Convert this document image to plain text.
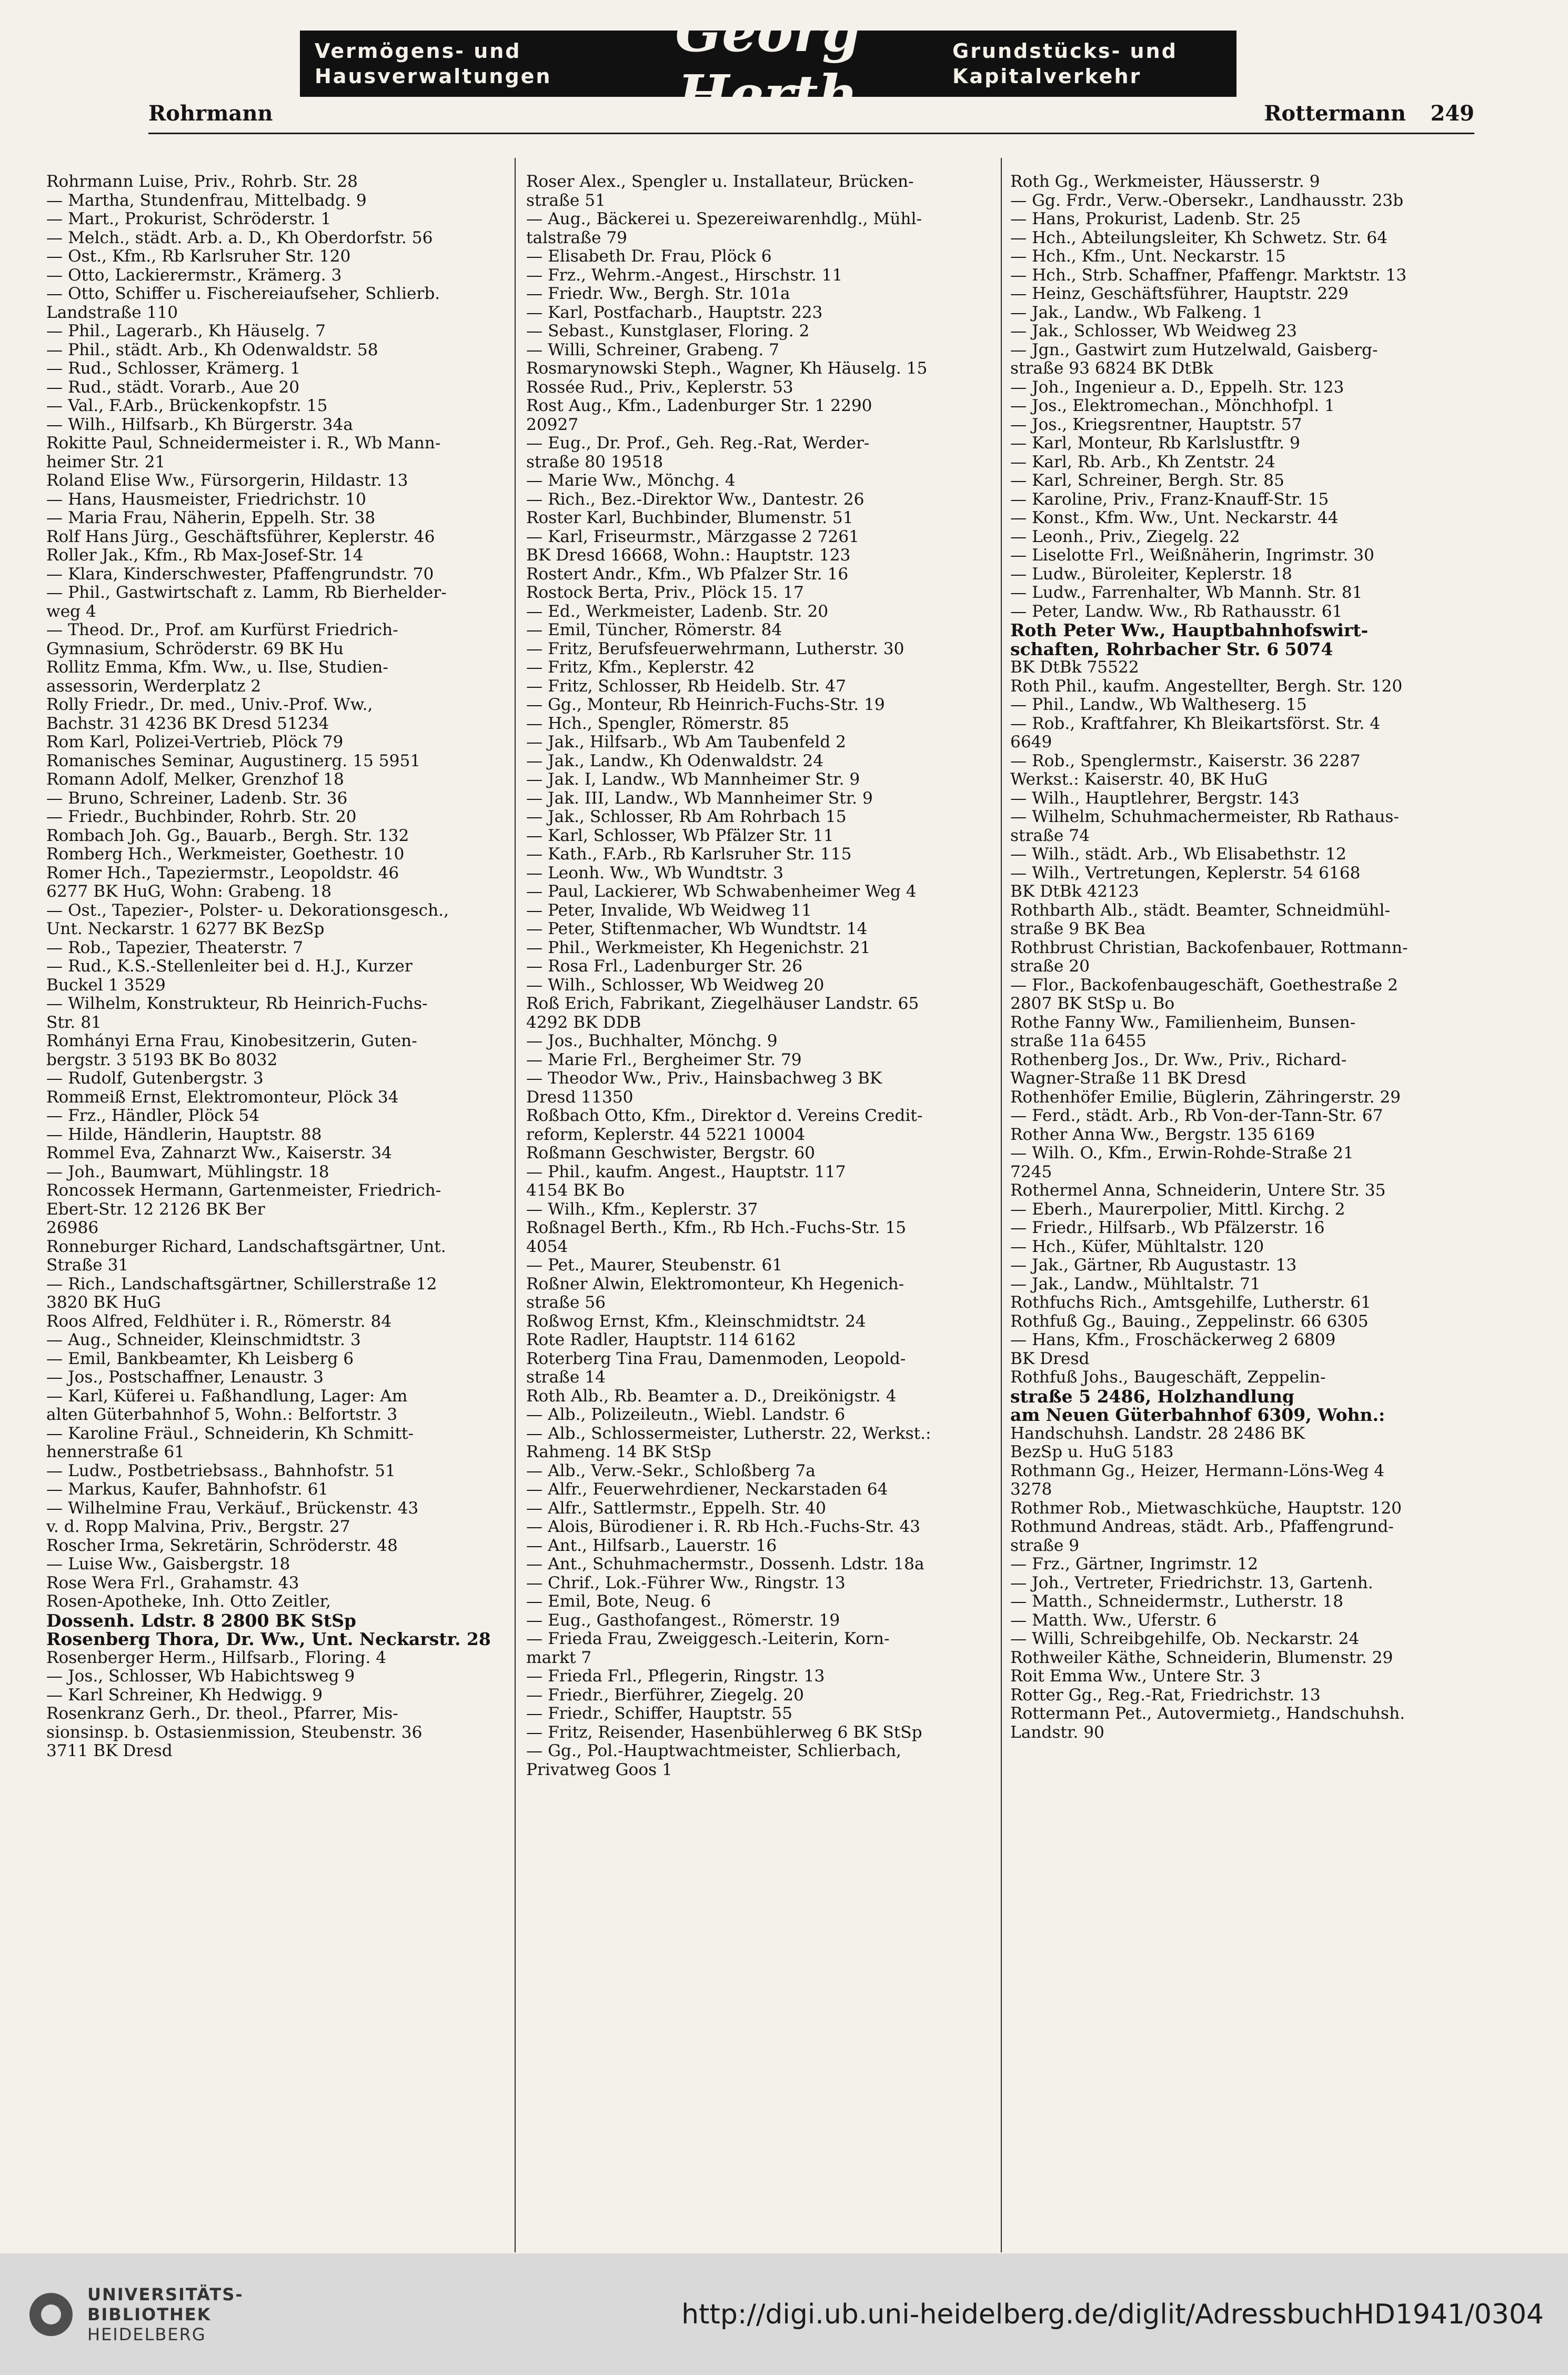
Vermögens- und
Hausverwaltungen
Georg Herth
Grundstücks- und
Kapitalverkehr
Rohrmann	Rottermann 249
Rohrmann Luise, Priv., Rohrb. Str. 28
— Martha, Stundenfrau, Mittelbadg. 9
— Mart., Prokurist, Schröderstr. 1
— Melch., städt. Arb. a. D., Kh Oberdorfstr. 56
— Ost., Kfm., Rb Karlsruher Str. 120
— Otto, Lackierermstr., Krämerg. 3
— Otto, Schiffer u. Fischereiaufseher, Schlierb.
Landstraße 110
— Phil., Lagerarb., Kh Häuselg. 7
— Phil., städt. Arb., Kh Odenwaldstr. 58
— Rud., Schlosser, Krämerg. 1
— Rud., städt. Vorarb., Aue 20
— Val., F.Arb., Brückenkopfstr. 15
— Wilh., Hilfsarb., Kh Bürgerstr. 34a
Rokitte Paul, Schneidermeister i. R., Wb Mann-
heimer Str. 21
Roland Elise Ww., Fürsorgerin, Hildastr. 13
— Hans, Hausmeister, Friedrichstr. 10
— Maria Frau, Näherin, Eppelh. Str. 38
Rolf Hans Jürg., Geschäftsführer, Keplerstr. 46
Roller Jak., Kfm., Rb Max-Josef-Str. 14
— Klara, Kinderschwester, Pfaffengrundstr. 70
— Phil., Gastwirtschaft z. Lamm, Rb Bierhelder-
weg 4
— Theod. Dr., Prof. am Kurfürst Friedrich-
Gymnasium, Schröderstr. 69 BK Hu
Rollitz Emma, Kfm. Ww., u. Ilse, Studien-
assessorin, Werderplatz 2
Rolly Friedr., Dr. med., Univ.-Prof. Ww.,
Bachstr. 31 4236 BK Dresd 51234
Rom Karl, Polizei-Vertrieb, Plöck 79
Romanisches Seminar, Augustinerg. 15 5951
Romann Adolf, Melker, Grenzhof 18
— Bruno, Schreiner, Ladenb. Str. 36
— Friedr., Buchbinder, Rohrb. Str. 20
Rombach Joh. Gg., Bauarb., Bergh. Str. 132
Romberg Hch., Werkmeister, Goethestr. 10
Romer Hch., Tapeziermstr., Leopoldstr. 46
6277 BK HuG, Wohn: Grabeng. 18
— Ost., Tapezier-, Polster- u. Dekorationsgesch.,
Unt. Neckarstr. 1 6277 BK BezSp
— Rob., Tapezier, Theaterstr. 7
— Rud., K.S.-Stellenleiter bei d. H.J., Kurzer
Buckel 1 3529
— Wilhelm, Konstrukteur, Rb Heinrich-Fuchs-
Str. 81
Romhányi Erna Frau, Kinobesitzerin, Guten-
bergstr. 3 5193 BK Bo 8032
— Rudolf, Gutenbergstr. 3
Rommeiß Ernst, Elektromonteur, Plöck 34
— Frz., Händler, Plöck 54
— Hilde, Händlerin, Hauptstr. 88
Rommel Eva, Zahnarzt Ww., Kaiserstr. 34
— Joh., Baumwart, Mühlingstr. 18
Roncossek Hermann, Gartenmeister, Friedrich-
Ebert-Str. 12 2126 BK Ber
26986
Ronneburger Richard, Landschaftsgärtner, Unt.
Straße 31
— Rich., Landschaftsgärtner, Schillerstraße 12
3820 BK HuG
Roos Alfred, Feldhüter i. R., Römerstr. 84
— Aug., Schneider, Kleinschmidtstr. 3
— Emil, Bankbeamter, Kh Leisberg 6
— Jos., Postschaffner, Lenaustr. 3
— Karl, Küferei u. Faßhandlung, Lager: Am
alten Güterbahnhof 5, Wohn.: Belfortstr. 3
— Karoline Fräul., Schneiderin, Kh Schmitt-
hennerstraße 61
— Ludw., Postbetriebsass., Bahnhofstr. 51
— Markus, Kaufer, Bahnhofstr. 61
— Wilhelmine Frau, Verkäuf., Brückenstr. 43
v. d. Ropp Malvina, Priv., Bergstr. 27
Roscher Irma, Sekretärin, Schröderstr. 48
— Luise Ww., Gaisbergstr. 18
Rose Wera Frl., Grahamstr. 43
Rosen-Apotheke, Inh. Otto Zeitler,
Dossenh. Ldstr. 8 2800 BK StSp
Rosenberg Thora, Dr. Ww., Unt. Neckarstr. 28
Rosenberger Herm., Hilfsarb., Floring. 4
— Jos., Schlosser, Wb Habichtsweg 9
— Karl Schreiner, Kh Hedwigg. 9
Rosenkranz Gerh., Dr. theol., Pfarrer, Mis-
sionsinsp. b. Ostasienmission, Steubenstr. 36
3711 BK Dresd
Roser Alex., Spengler u. Installateur, Brücken-
straße 51
— Aug., Bäckerei u. Spezereiwarenhdlg., Mühl-
talstraße 79
— Elisabeth Dr. Frau, Plöck 6
— Frz., Wehrm.-Angest., Hirschstr. 11
— Friedr. Ww., Bergh. Str. 101a
— Karl, Postfacharb., Hauptstr. 223
— Sebast., Kunstglaser, Floring. 2
— Willi, Schreiner, Grabeng. 7
Rosmarynowski Steph., Wagner, Kh Häuselg. 15
Rossée Rud., Priv., Keplerstr. 53
Rost Aug., Kfm., Ladenburger Str. 1 2290
20927
— Eug., Dr. Prof., Geh. Reg.-Rat, Werder-
straße 80 19518
— Marie Ww., Mönchg. 4
— Rich., Bez.-Direktor Ww., Dantestr. 26
Roster Karl, Buchbinder, Blumenstr. 51
— Karl, Friseurmstr., Märzgasse 2 7261
BK Dresd 16668, Wohn.: Hauptstr. 123
Rostert Andr., Kfm., Wb Pfalzer Str. 16
Rostock Berta, Priv., Plöck 15. 17
— Ed., Werkmeister, Ladenb. Str. 20
— Emil, Tüncher, Römerstr. 84
— Fritz, Berufsfeuerwehrmann, Lutherstr. 30
— Fritz, Kfm., Keplerstr. 42
— Fritz, Schlosser, Rb Heidelb. Str. 47
— Gg., Monteur, Rb Heinrich-Fuchs-Str. 19
— Hch., Spengler, Römerstr. 85
— Jak., Hilfsarb., Wb Am Taubenfeld 2
— Jak., Landw., Kh Odenwaldstr. 24
— Jak. I, Landw., Wb Mannheimer Str. 9
— Jak. III, Landw., Wb Mannheimer Str. 9
— Jak., Schlosser, Rb Am Rohrbach 15
— Karl, Schlosser, Wb Pfälzer Str. 11
— Kath., F.Arb., Rb Karlsruher Str. 115
— Leonh. Ww., Wb Wundtstr. 3
— Paul, Lackierer, Wb Schwabenheimer Weg 4
— Peter, Invalide, Wb Weidweg 11
— Peter, Stiftenmacher, Wb Wundtstr. 14
— Phil., Werkmeister, Kh Hegenichstr. 21
— Rosa Frl., Ladenburger Str. 26
— Wilh., Schlosser, Wb Weidweg 20
Roß Erich, Fabrikant, Ziegelhäuser Landstr. 65
4292 BK DDB
— Jos., Buchhalter, Mönchg. 9
— Marie Frl., Bergheimer Str. 79
— Theodor Ww., Priv., Hainsbachweg 3 BK
Dresd 11350
Roßbach Otto, Kfm., Direktor d. Vereins Credit-
reform, Keplerstr. 44 5221 10004
Roßmann Geschwister, Bergstr. 60
— Phil., kaufm. Angest., Hauptstr. 117
4154 BK Bo
— Wilh., Kfm., Keplerstr. 37
Roßnagel Berth., Kfm., Rb Hch.-Fuchs-Str. 15
4054
— Pet., Maurer, Steubenstr. 61
Roßner Alwin, Elektromonteur, Kh Hegenich-
straße 56
Roßwog Ernst, Kfm., Kleinschmidtstr. 24
Rote Radler, Hauptstr. 114 6162
Roterberg Tina Frau, Damenmoden, Leopold-
straße 14
Roth Alb., Rb. Beamter a. D., Dreikönigstr. 4
— Alb., Polizeileutn., Wiebl. Landstr. 6
— Alb., Schlossermeister, Lutherstr. 22, Werkst.:
Rahmeng. 14 BK StSp
— Alb., Verw.-Sekr., Schloßberg 7a
— Alfr., Feuerwehrdiener, Neckarstaden 64
— Alfr., Sattlermstr., Eppelh. Str. 40
— Alois, Bürodiener i. R. Rb Hch.-Fuchs-Str. 43
— Ant., Hilfsarb., Lauerstr. 16
— Ant., Schuhmachermstr., Dossenh. Ldstr. 18a
— Chrif., Lok.-Führer Ww., Ringstr. 13
— Emil, Bote, Neug. 6
— Eug., Gasthofangest., Römerstr. 19
— Frieda Frau, Zweiggesch.-Leiterin, Korn-
markt 7
— Frieda Frl., Pflegerin, Ringstr. 13
— Friedr., Bierführer, Ziegelg. 20
— Friedr., Schiffer, Hauptstr. 55
— Fritz, Reisender, Hasenbühlerweg 6 BK StSp
— Gg., Pol.-Hauptwachtmeister, Schlierbach,
Privatweg Goos 1
Roth Gg., Werkmeister, Häusserstr. 9
— Gg. Frdr., Verw.-Obersekr., Landhausstr. 23b
— Hans, Prokurist, Ladenb. Str. 25
— Hch., Abteilungsleiter, Kh Schwetz. Str. 64
— Hch., Kfm., Unt. Neckarstr. 15
— Hch., Strb. Schaffner, Pfaffengr. Marktstr. 13
— Heinz, Geschäftsführer, Hauptstr. 229
— Jak., Landw., Wb Falkeng. 1
— Jak., Schlosser, Wb Weidweg 23
— Jgn., Gastwirt zum Hutzelwald, Gaisberg-
straße 93 6824 BK DtBk
— Joh., Ingenieur a. D., Eppelh. Str. 123
— Jos., Elektromechan., Mönchhofpl. 1
— Jos., Kriegsrentner, Hauptstr. 57
— Karl, Monteur, Rb Karlslustftr. 9
— Karl, Rb. Arb., Kh Zentstr. 24
— Karl, Schreiner, Bergh. Str. 85
— Karoline, Priv., Franz-Knauff-Str. 15
— Konst., Kfm. Ww., Unt. Neckarstr. 44
— Leonh., Priv., Ziegelg. 22
— Liselotte Frl., Weißnäherin, Ingrimstr. 30
— Ludw., Büroleiter, Keplerstr. 18
— Ludw., Farrenhalter, Wb Mannh. Str. 81
— Peter, Landw. Ww., Rb Rathausstr. 61
Roth Peter Ww., Hauptbahnhofswirt-
schaften, Rohrbacher Str. 6 5074
BK DtBk 75522
Roth Phil., kaufm. Angestellter, Bergh. Str. 120
— Phil., Landw., Wb Waltheserg. 15
— Rob., Kraftfahrer, Kh Bleikartsförst. Str. 4
6649
— Rob., Spenglermstr., Kaiserstr. 36 2287
Werkst.: Kaiserstr. 40, BK HuG
— Wilh., Hauptlehrer, Bergstr. 143
— Wilhelm, Schuhmachermeister, Rb Rathaus-
straße 74
— Wilh., städt. Arb., Wb Elisabethstr. 12
— Wilh., Vertretungen, Keplerstr. 54 6168
BK DtBk 42123
Rothbarth Alb., städt. Beamter, Schneidmühl-
straße 9 BK Bea
Rothbrust Christian, Backofenbauer, Rottmann-
straße 20
— Flor., Backofenbaugeschäft, Goethestraße 2
2807 BK StSp u. Bo
Rothe Fanny Ww., Familienheim, Bunsen-
straße 11a 6455
Rothenberg Jos., Dr. Ww., Priv., Richard-
Wagner-Straße 11 BK Dresd
Rothenhöfer Emilie, Büglerin, Zähringerstr. 29
— Ferd., städt. Arb., Rb Von-der-Tann-Str. 67
Rother Anna Ww., Bergstr. 135 6169
— Wilh. O., Kfm., Erwin-Rohde-Straße 21
7245
Rothermel Anna, Schneiderin, Untere Str. 35
— Eberh., Maurerpolier, Mittl. Kirchg. 2
— Friedr., Hilfsarb., Wb Pfälzerstr. 16
— Hch., Küfer, Mühltalstr. 120
— Jak., Gärtner, Rb Augustastr. 13
— Jak., Landw., Mühltalstr. 71
Rothfuchs Rich., Amtsgehilfe, Lutherstr. 61
Rothfuß Gg., Bauing., Zeppelinstr. 66 6305
— Hans, Kfm., Froschäckerweg 2 6809
BK Dresd
Rothfuß Johs., Baugeschäft, Zeppelin-
straße 5 2486, Holzhandlung
am Neuen Güterbahnhof 6309, Wohn.:
Handschuhsh. Landstr. 28 2486 BK
BezSp u. HuG 5183
Rothmann Gg., Heizer, Hermann-Löns-Weg 4
3278
Rothmer Rob., Mietwaschküche, Hauptstr. 120
Rothmund Andreas, städt. Arb., Pfaffengrund-
straße 9
— Frz., Gärtner, Ingrimstr. 12
— Joh., Vertreter, Friedrichstr. 13, Gartenh.
— Matth., Schneidermstr., Lutherstr. 18
— Matth. Ww., Uferstr. 6
— Willi, Schreibgehilfe, Ob. Neckarstr. 24
Rothweiler Käthe, Schneiderin, Blumenstr. 29
Roit Emma Ww., Untere Str. 3
Rotter Gg., Reg.-Rat, Friedrichstr. 13
Rottermann Pet., Autovermietg., Handschuhsh.
Landstr. 90
UNIVERSITÄTS-
BIBLIOTHEK
HEIDELBERG
http://digi.ub.uni-heidelberg.de/diglit/AdressbuchHD1941/0304
